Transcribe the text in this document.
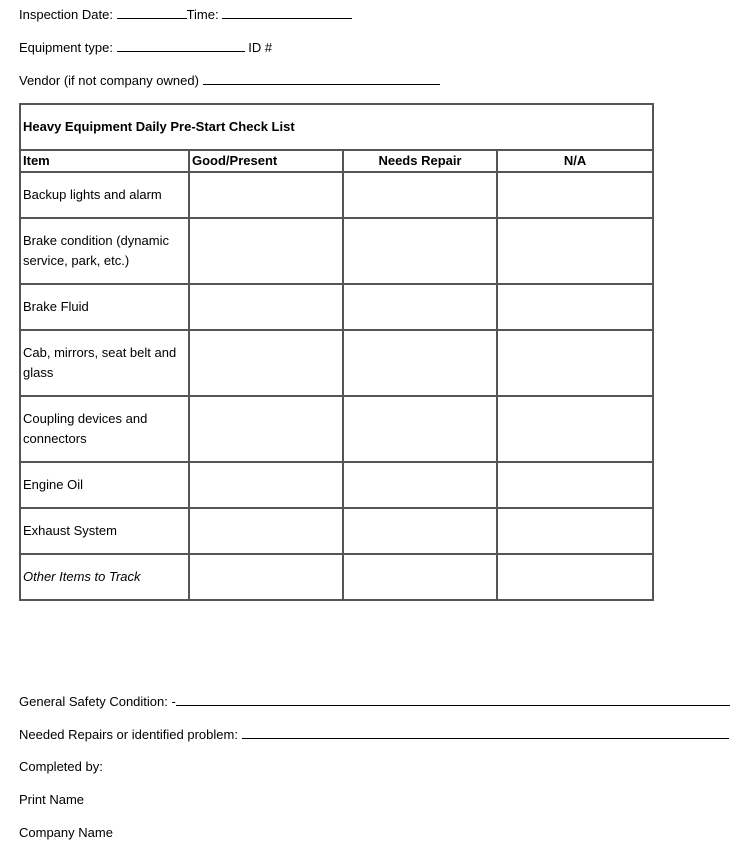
Inspection Date:	Time:
Equipment type:	ID #
Vendor (if not company owned)
Heavy Equipment Daily Pre-Start Check List			
Item	Good/Present	Needs Repair	N/A
Backup lights and alarm			
Brake condition (dynamic service, park, etc.)			
Brake Fluid			
Cab, mirrors, seat belt and glass			
Coupling devices and connectors			
Engine Oil			
Exhaust System			
Other Items to Track			
General Safety Condition: -
Needed Repairs or identified problem:
Completed by:
Print Name
Company Name
